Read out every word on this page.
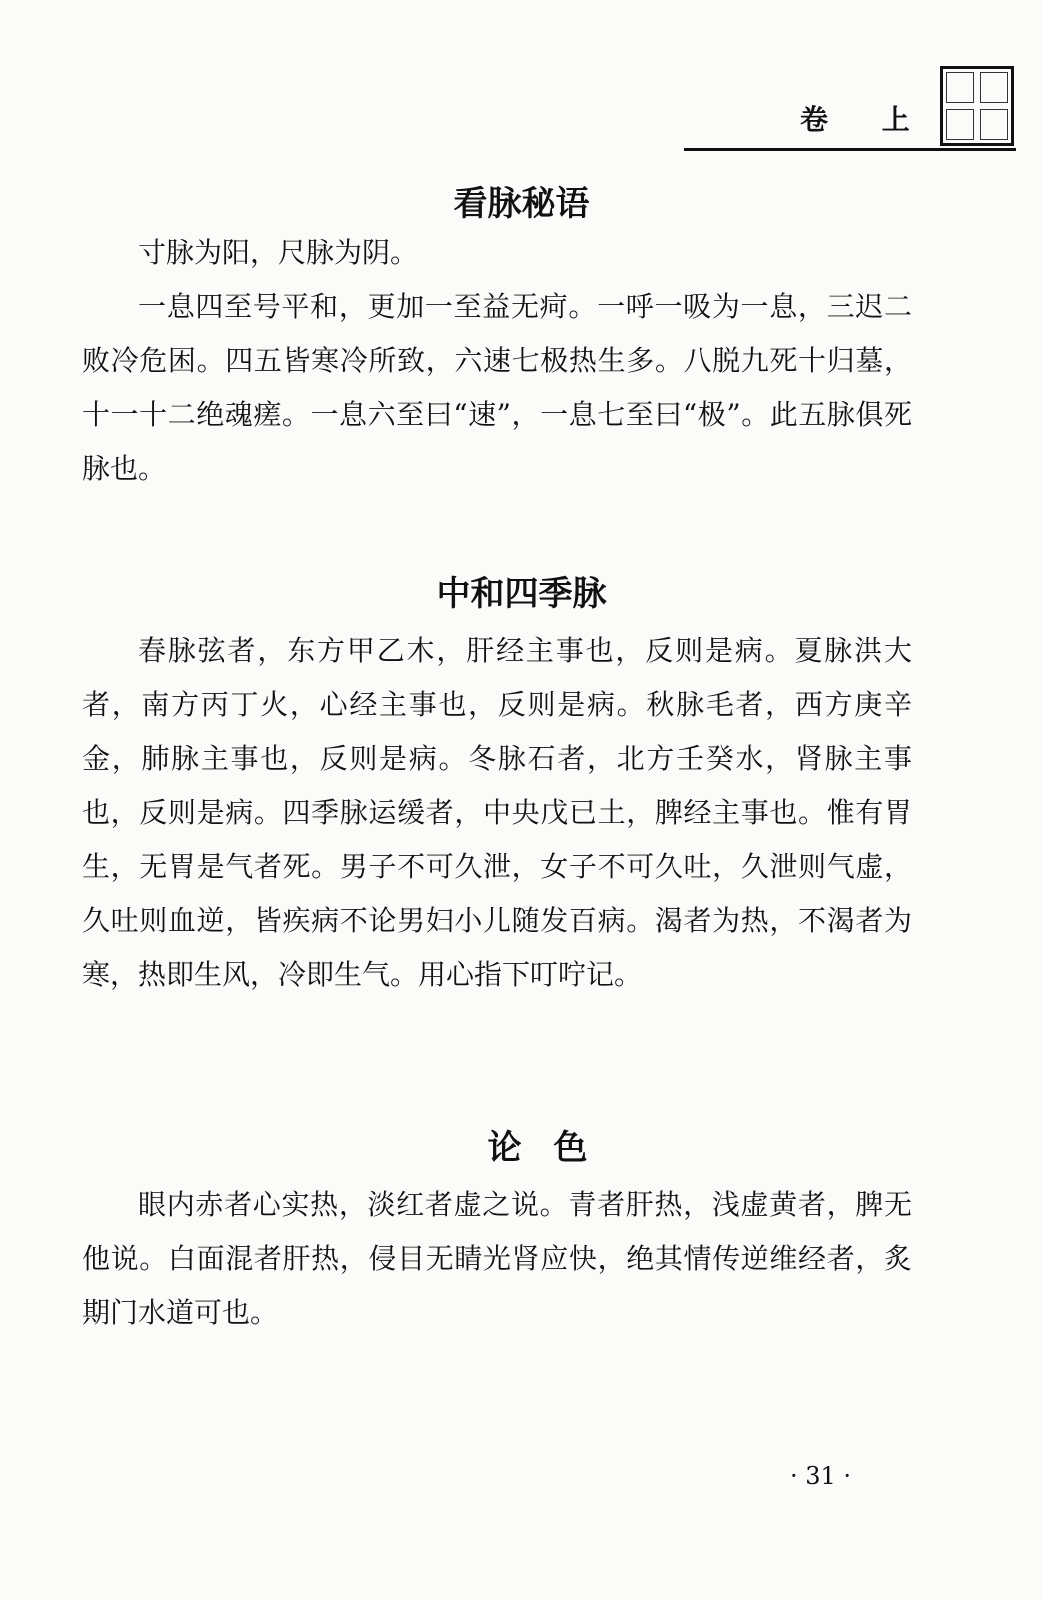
卷 上
看脉秘语

寸脉为阳，尺脉为阴。

一息四至号平和，更加一至益无疴。一呼一吸为一息，三迟二败冷危困。四五皆寒冷所致，六速七极热生多。八脱九死十归墓，十一十二绝魂瘥。一息六至曰“速”，一息七至曰“极”。此五脉俱死脉也。

中和四季脉

春脉弦者，东方甲乙木，肝经主事也，反则是病。夏脉洪大者，南方丙丁火，心经主事也，反则是病。秋脉毛者，西方庚辛金，肺脉主事也，反则是病。冬脉石者，北方壬癸水，肾脉主事也，反则是病。四季脉运缓者，中央戊已土，脾经主事也。惟有胃生，无胃是气者死。男子不可久泄，女子不可久吐，久泄则气虚，久吐则血逆，皆疾病不论男妇小儿随发百病。渴者为热，不渴者为寒，热即生风，冷即生气。用心指下叮咛记。

论色

眼内赤者心实热，淡红者虚之说。青者肝热，浅虚黄者，脾无他说。白面混者肝热，侵目无睛光肾应快，绝其情传逆维经者，炙期门水道可也。

· 31 ·
